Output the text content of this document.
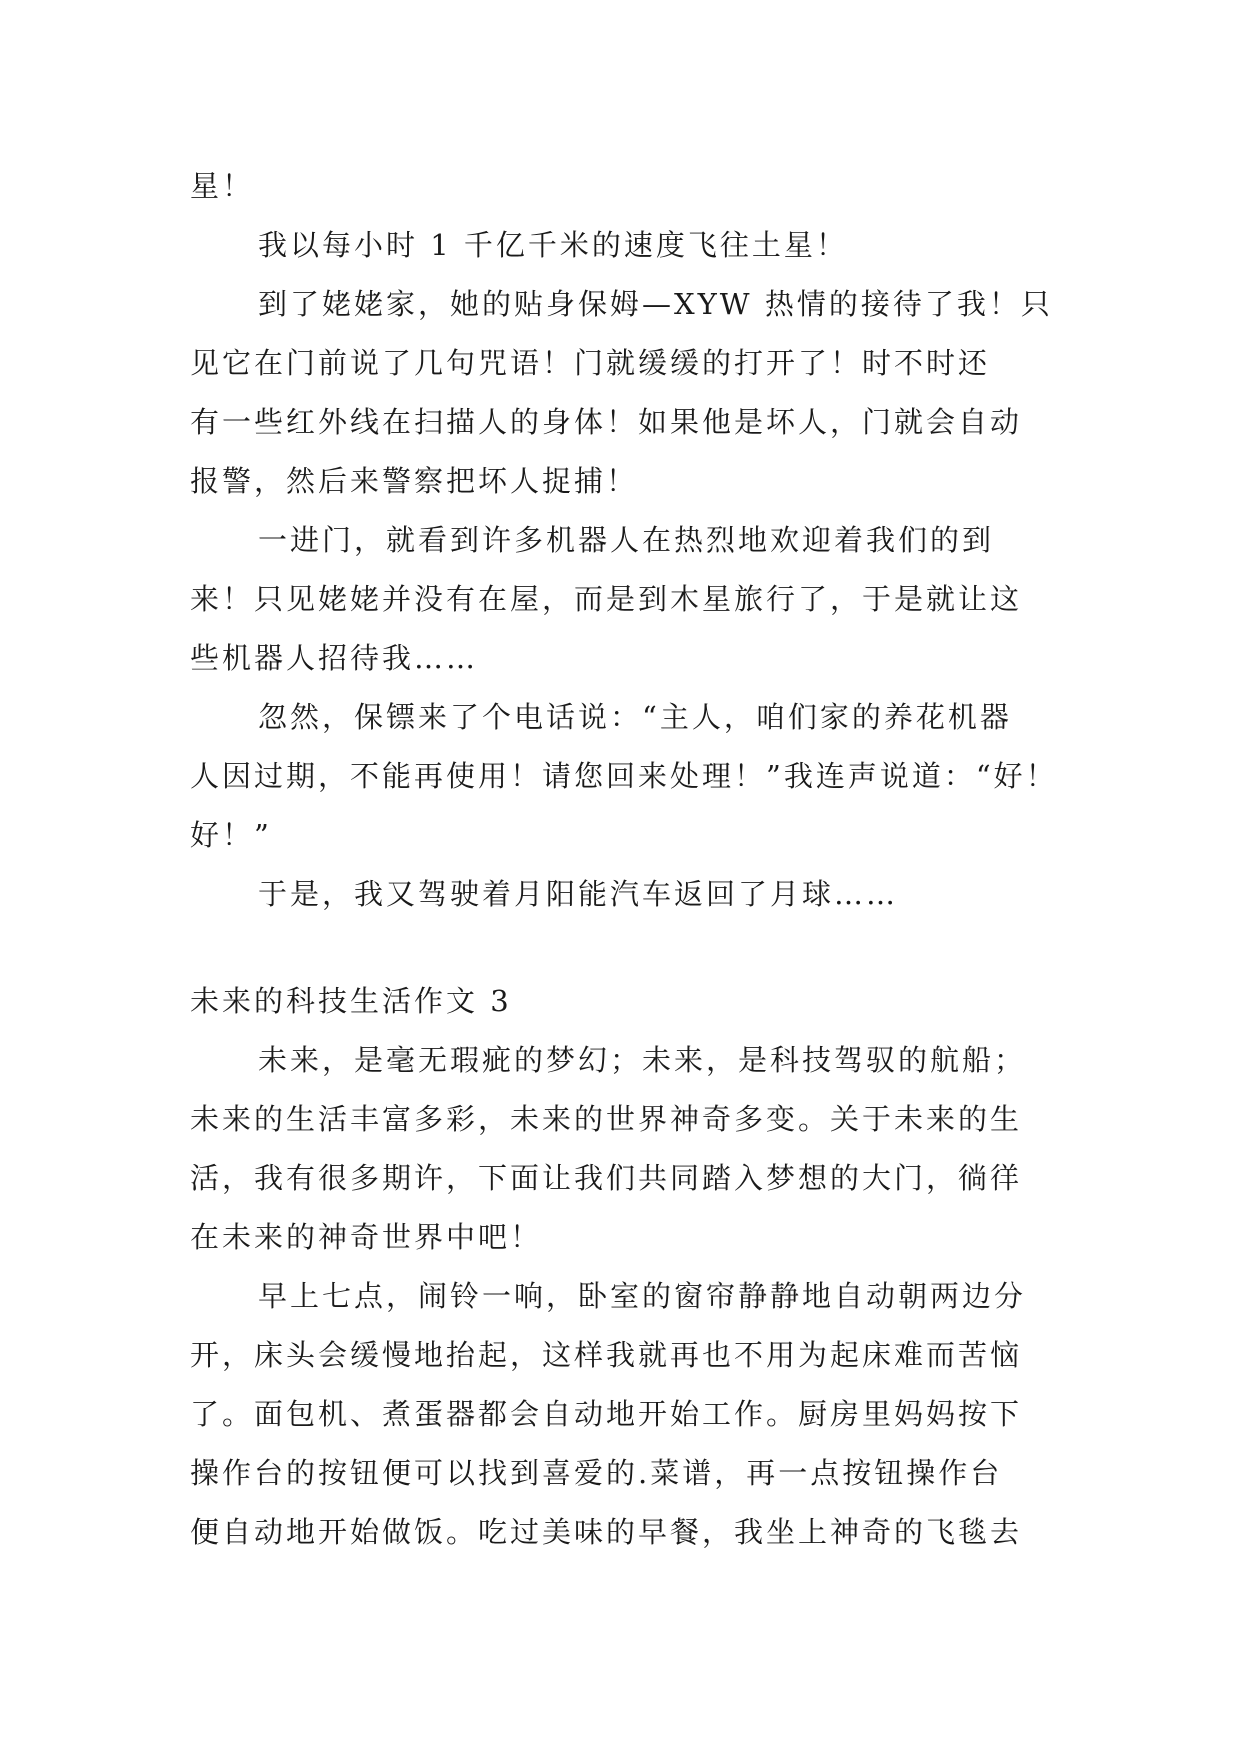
星！
我以每小时 1 千亿千米的速度飞往土星！
到了姥姥家，她的贴身保姆—XYW 热情的接待了我！只
见它在门前说了几句咒语！门就缓缓的打开了！时不时还
有一些红外线在扫描人的身体！如果他是坏人，门就会自动
报警，然后来警察把坏人捉捕！
一进门，就看到许多机器人在热烈地欢迎着我们的到
来！只见姥姥并没有在屋，而是到木星旅行了，于是就让这
些机器人招待我……
忽然，保镖来了个电话说：“主人，咱们家的养花机器
人因过期，不能再使用！请您回来处理！”我连声说道：“好！
好！”
于是，我又驾驶着月阳能汽车返回了月球……
未来的科技生活作文 3
未来，是毫无瑕疵的梦幻；未来，是科技驾驭的航船；
未来的生活丰富多彩，未来的世界神奇多变。关于未来的生
活，我有很多期许，下面让我们共同踏入梦想的大门，徜徉
在未来的神奇世界中吧！
早上七点，闹铃一响，卧室的窗帘静静地自动朝两边分
开，床头会缓慢地抬起，这样我就再也不用为起床难而苦恼
了。面包机、煮蛋器都会自动地开始工作。厨房里妈妈按下
操作台的按钮便可以找到喜爱的.菜谱，再一点按钮操作台
便自动地开始做饭。吃过美味的早餐，我坐上神奇的飞毯去
